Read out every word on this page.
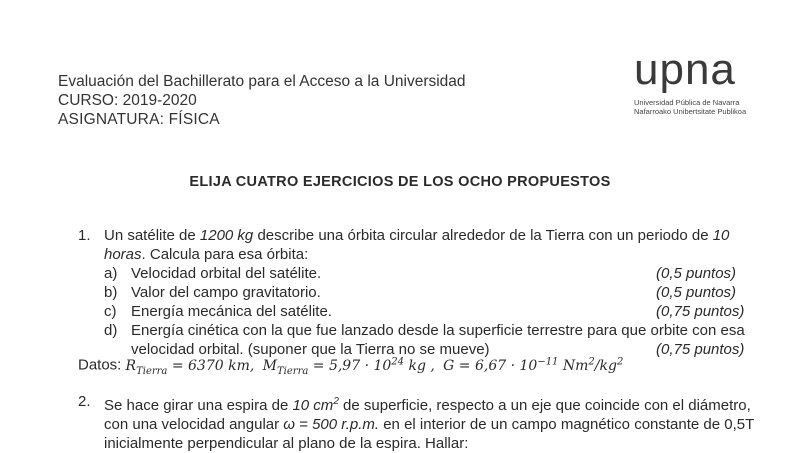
Evaluación del Bachillerato para el Acceso a la Universidad
CURSO: 2019-2020
ASIGNATURA: FÍSICA
upna
Universidad Pública de Navarra
Nafarroako Unibertsitate Publikoa
ELIJA CUATRO EJERCICIOS DE LOS OCHO PROPUESTOS
1. Un satélite de 1200 kg describe una órbita circular alrededor de la Tierra con un periodo de 10
horas. Calcula para esa órbita:
a) Velocidad orbital del satélite.	(0,5 puntos)
b) Valor del campo gravitatorio.	(0,5 puntos)
c) Energía mecánica del satélite.	(0,75 puntos)
d) Energía cinética con la que fue lanzado desde la superficie terrestre para que orbite con esa
velocidad orbital. (suponer que la Tierra no se mueve)	(0,75 puntos)
Datos: $R_{Tierra} = 6370$ km, $M_{Tierra} = 5,97 \cdot 10^{24}$ kg , $G = 6,67 \cdot 10^{-11}$ $Nm^2/kg^2$
2. Se hace girar una espira de 10 $cm^2$ de superficie, respecto a un eje que coincide con el diámetro,
con una velocidad angular ω = 500 r.p.m. en el interior de un campo magnético constante de 0,5T
inicialmente perpendicular al plano de la espira. Hallar:
